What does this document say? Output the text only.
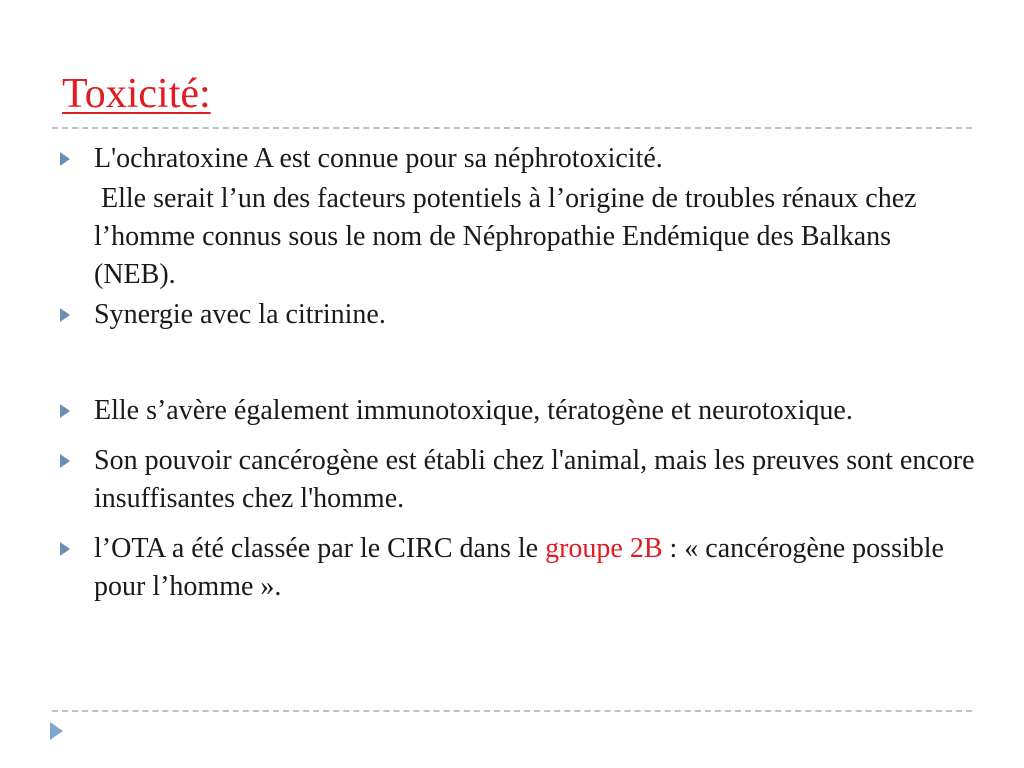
Toxicité:
L'ochratoxine A est connue pour sa néphrotoxicité.
Elle serait l’un des facteurs potentiels à l’origine de troubles rénaux chez l’homme connus sous le nom de Néphropathie Endémique des Balkans (NEB).
Synergie avec la citrinine.
Elle s’avère également immunotoxique, tératogène et neurotoxique.
Son pouvoir cancérogène est établi chez l'animal, mais les preuves sont encore insuffisantes chez l'homme.
l’OTA a été classée par le CIRC dans le groupe 2B : « cancérogène possible pour l’homme ».
